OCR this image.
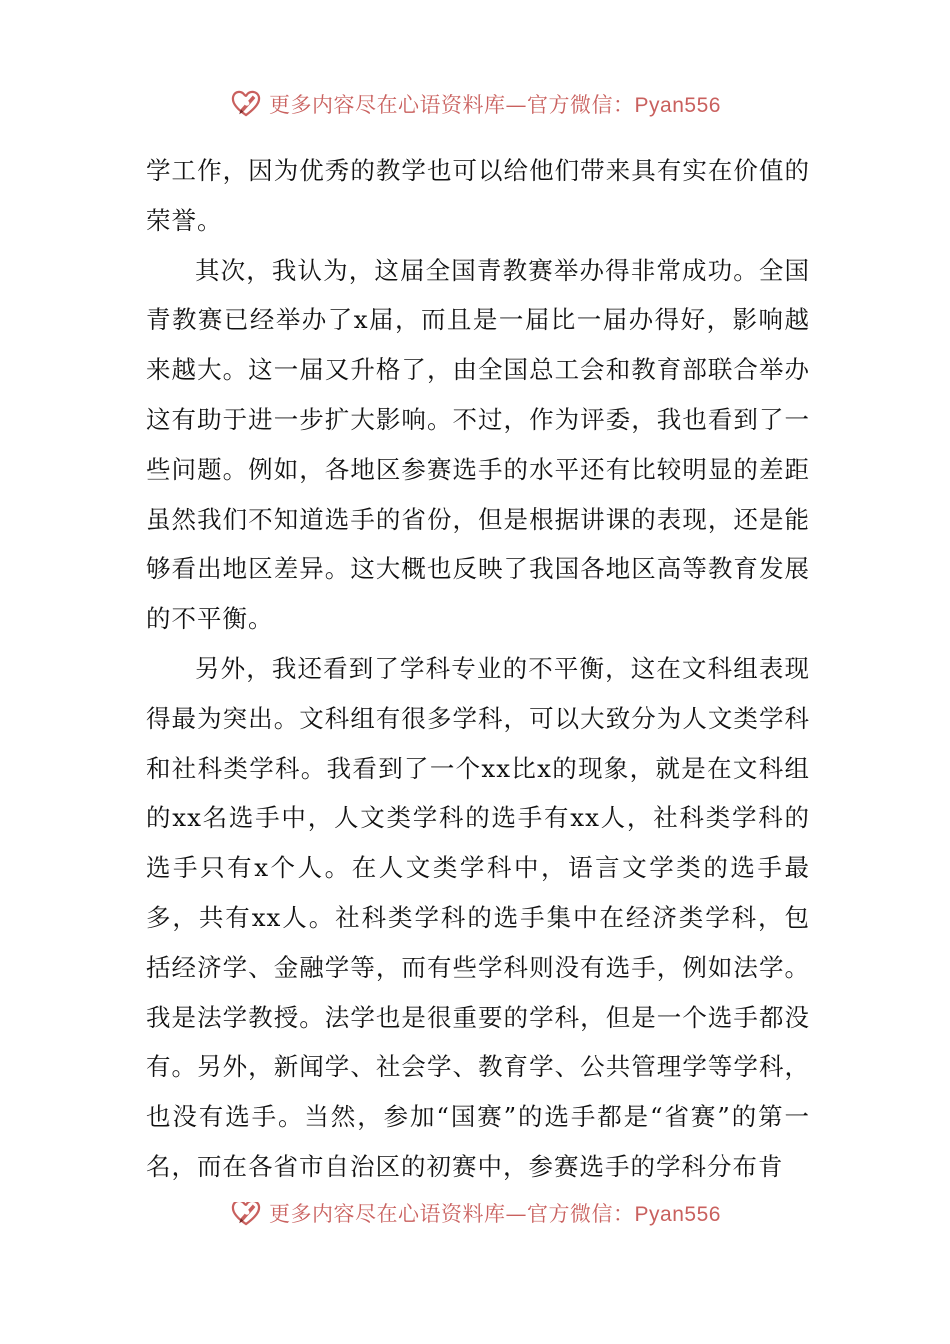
更多内容尽在心语资料库—官方微信：Pyan556

学工作，因为优秀的教学也可以给他们带来具有实在价值的荣誉。

其次，我认为，这届全国青教赛举办得非常成功。全国青教赛已经举办了x届，而且是一届比一届办得好，影响越来越大。这一届又升格了，由全国总工会和教育部联合举办这有助于进一步扩大影响。不过，作为评委，我也看到了一些问题。例如，各地区参赛选手的水平还有比较明显的差距虽然我们不知道选手的省份，但是根据讲课的表现，还是能够看出地区差异。这大概也反映了我国各地区高等教育发展的不平衡。

另外，我还看到了学科专业的不平衡，这在文科组表现得最为突出。文科组有很多学科，可以大致分为人文类学科和社科类学科。我看到了一个xx比x的现象，就是在文科组的xx名选手中，人文类学科的选手有xx人，社科类学科的选手只有x个人。在人文类学科中，语言文学类的选手最多，共有xx人。社科类学科的选手集中在经济类学科，包括经济学、金融学等，而有些学科则没有选手，例如法学。我是法学教授。法学也是很重要的学科，但是一个选手都没有。另外，新闻学、社会学、教育学、公共管理学等学科，也没有选手。当然，参加“国赛”的选手都是“省赛”的第一名，而在各省市自治区的初赛中，参赛选手的学科分布肯

更多内容尽在心语资料库—官方微信：Pyan556
